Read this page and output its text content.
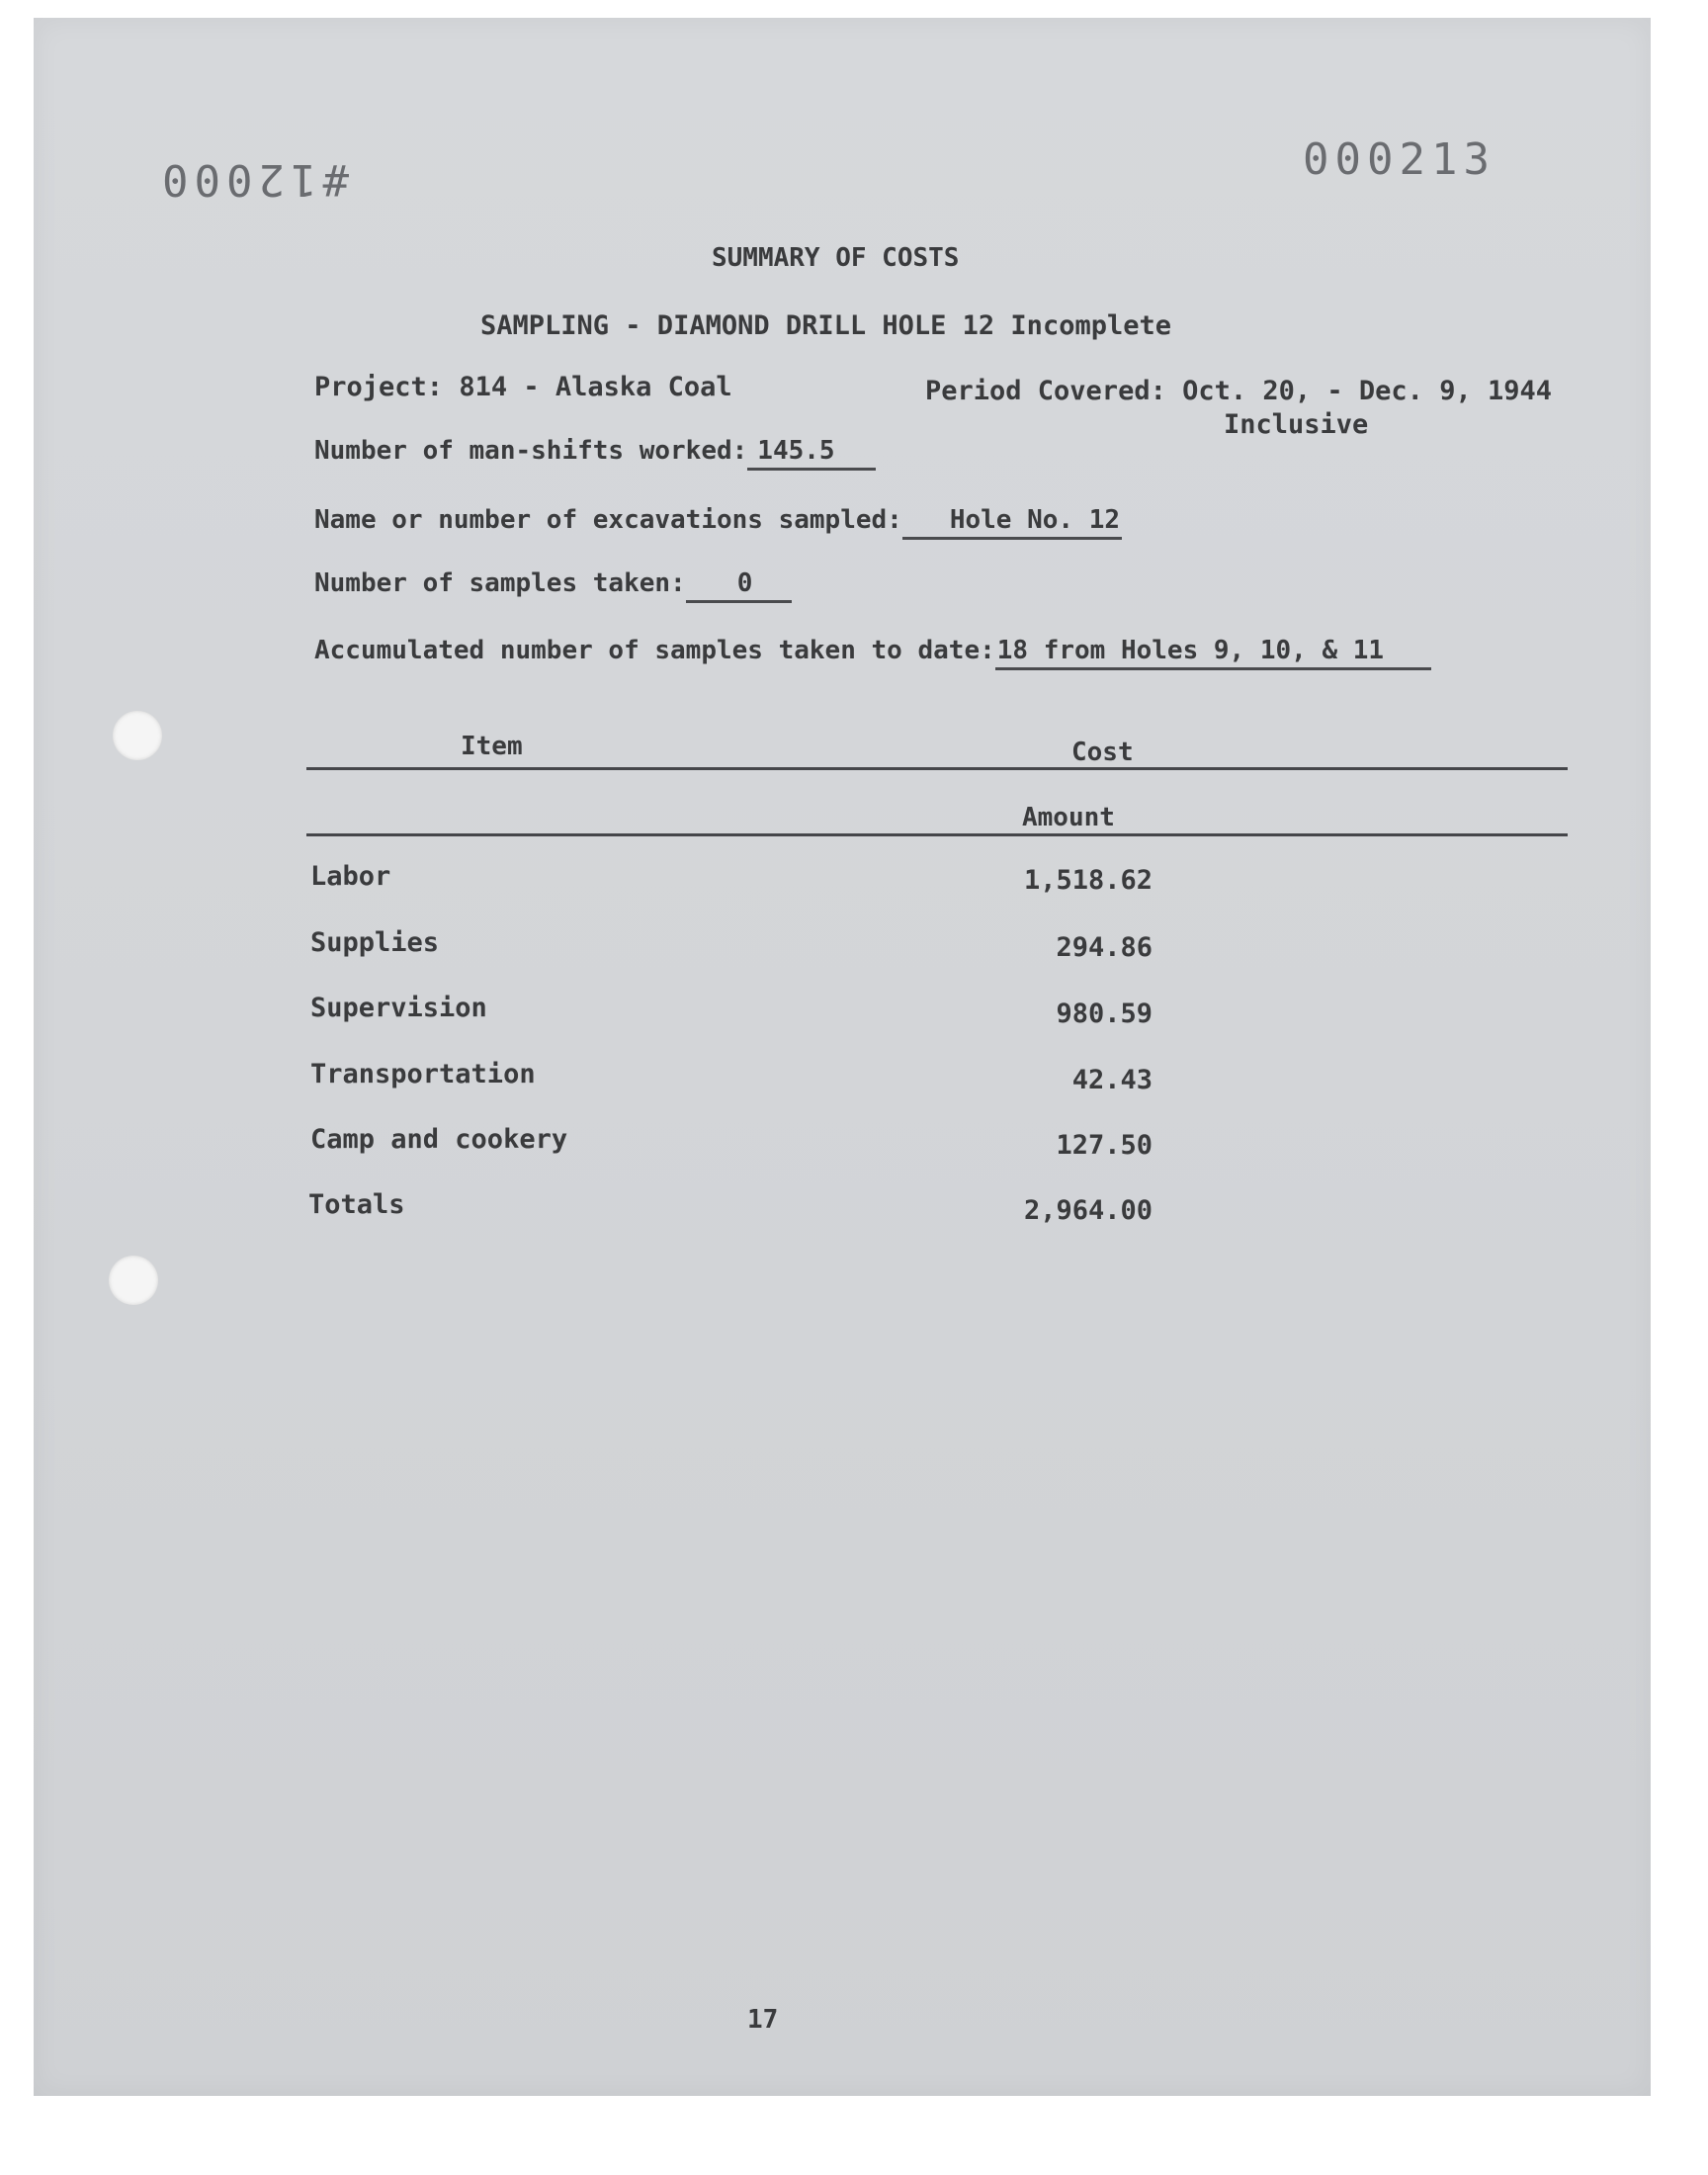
#12000	000213
SUMMARY OF COSTS
SAMPLING - DIAMOND DRILL HOLE 12 Incomplete
Project: 814 - Alaska Coal	Period Covered: Oct. 20, - Dec. 9, 1944
Inclusive
Number of man-shifts worked: 145.5
Name or number of excavations sampled: Hole No. 12
Number of samples taken: 0
Accumulated number of samples taken to date:18 from Holes 9, 10, & 11
Item	Cost
Amount
Labor	1,518.62
Supplies	294.86
Supervision	980.59
Transportation	42.43
Camp and cookery	127.50
Totals	2,964.00
17
